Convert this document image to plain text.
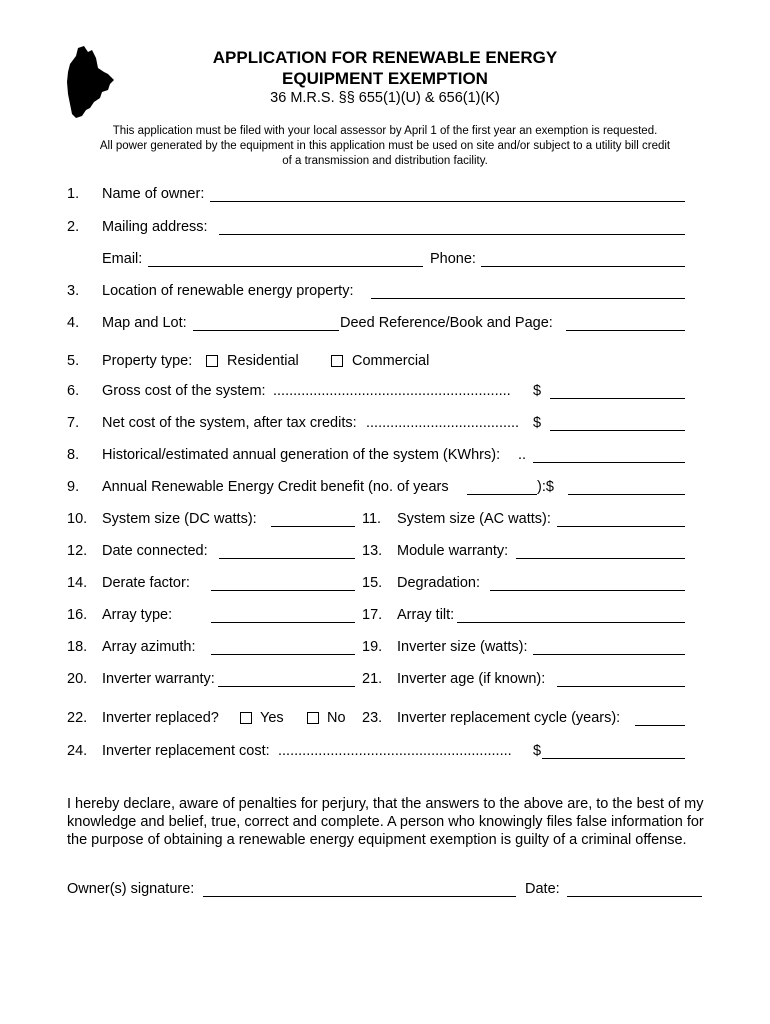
APPLICATION FOR RENEWABLE ENERGY
EQUIPMENT EXEMPTION
36 M.R.S. §§ 655(1)(U) & 656(1)(K)
This application must be filed with your local assessor by April 1 of the first year an exemption is requested.
All power generated by the equipment in this application must be used on site and/or subject to a utility bill credit
of a transmission and distribution facility.
1. Name of owner:
2. Mailing address:
Email:	Phone:
3. Location of renewable energy property:
4. Map and Lot:	Deed Reference/Book and Page:
5. Property type: Residential	Commercial
6. Gross cost of the system: ...........................................................	$
7. Net cost of the system, after tax credits: ...................................... $
8. Historical/estimated annual generation of the system (KWhrs): ..
9. Annual Renewable Energy Credit benefit (no. of years	):$
10. System size (DC watts):	11. System size (AC watts):
12. Date connected:	13. Module warranty:
14. Derate factor:	15. Degradation:
16. Array type:	17. Array tilt:
18. Array azimuth:	19. Inverter size (watts):
20. Inverter warranty:	21. Inverter age (if known):
22. Inverter replaced?	Yes	No 23. Inverter replacement cycle (years):
24. Inverter replacement cost: ..........................................................	$
I hereby declare, aware of penalties for perjury, that the answers to the above are, to the best of my knowledge and belief, true, correct and complete. A person who knowingly files false information for the purpose of obtaining a renewable energy equipment exemption is guilty of a criminal offense.
Owner(s) signature:	Date:
